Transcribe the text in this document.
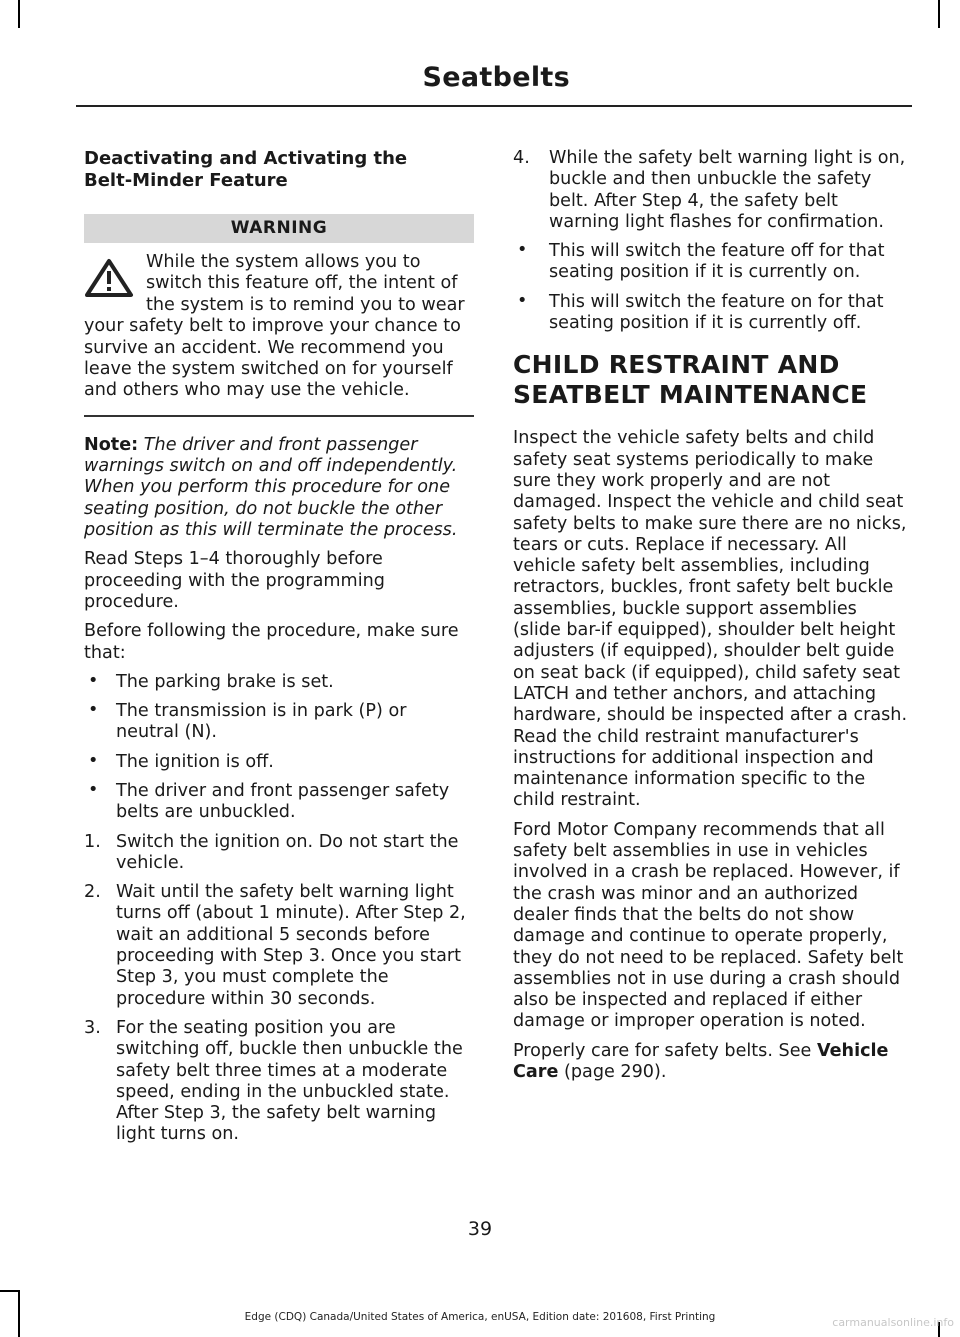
Seatbelts
Deactivating and Activating the
Belt-Minder Feature
WARNING
While the system allows you to switch this feature off, the intent of the system is to remind you to wear your safety belt to improve your chance to survive an accident. We recommend you leave the system switched on for yourself and others who may use the vehicle.

Note: The driver and front passenger warnings switch on and off independently. When you perform this procedure for one seating position, do not buckle the other position as this will terminate the process.

Read Steps 1–4 thoroughly before proceeding with the programming procedure.

Before following the procedure, make sure that:

• The parking brake is set.
• The transmission is in park (P) or neutral (N).
• The ignition is off.
• The driver and front passenger safety belts are unbuckled.
1. Switch the ignition on. Do not start the vehicle.
2. Wait until the safety belt warning light turns off (about 1 minute). After Step 2, wait an additional 5 seconds before proceeding with Step 3. Once you start Step 3, you must complete the procedure within 30 seconds.
3. For the seating position you are switching off, buckle then unbuckle the safety belt three times at a moderate speed, ending in the unbuckled state. After Step 3, the safety belt warning light turns on.
4. While the safety belt warning light is on, buckle and then unbuckle the safety belt. After Step 4, the safety belt warning light flashes for confirmation.
• This will switch the feature off for that seating position if it is currently on.
• This will switch the feature on for that seating position if it is currently off.
CHILD RESTRAINT AND
SEATBELT MAINTENANCE

Inspect the vehicle safety belts and child safety seat systems periodically to make sure they work properly and are not damaged. Inspect the vehicle and child seat safety belts to make sure there are no nicks, tears or cuts. Replace if necessary. All vehicle safety belt assemblies, including retractors, buckles, front safety belt buckle assemblies, buckle support assemblies (slide bar-if equipped), shoulder belt height adjusters (if equipped), shoulder belt guide on seat back (if equipped), child safety seat LATCH and tether anchors, and attaching hardware, should be inspected after a crash. Read the child restraint manufacturer's instructions for additional inspection and maintenance information specific to the child restraint.

Ford Motor Company recommends that all safety belt assemblies in use in vehicles involved in a crash be replaced. However, if the crash was minor and an authorized dealer finds that the belts do not show damage and continue to operate properly, they do not need to be replaced. Safety belt assemblies not in use during a crash should also be inspected and replaced if either damage or improper operation is noted.

Properly care for safety belts. See Vehicle Care (page 290).

39
Edge (CDQ) Canada/United States of America, enUSA, Edition date: 201608, First Printing	carmanualsonline.info
